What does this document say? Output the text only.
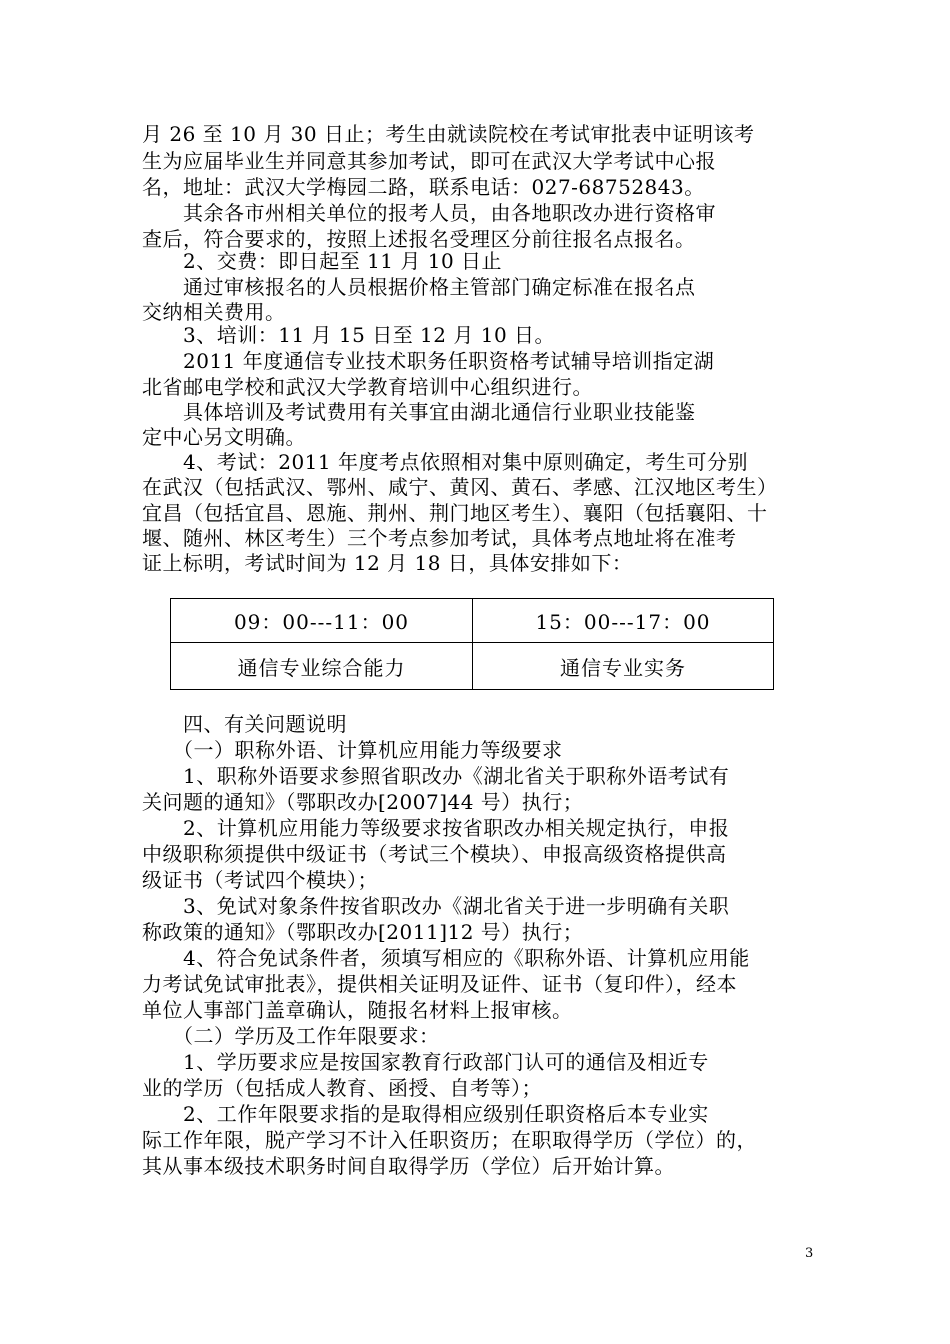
月 26 至 10 月 30 日止；考生由就读院校在考试审批表中证明该考
生为应届毕业生并同意其参加考试，即可在武汉大学考试中心报
名，地址：武汉大学梅园二路，联系电话：027-68752843。
　　其余各市州相关单位的报考人员，由各地职改办进行资格审
查后，符合要求的，按照上述报名受理区分前往报名点报名。
　　2、交费：即日起至 11 月 10 日止
　　通过审核报名的人员根据价格主管部门确定标准在报名点
交纳相关费用。
　　3、培训：11 月 15 日至 12 月 10 日。
　　2011 年度通信专业技术职务任职资格考试辅导培训指定湖
北省邮电学校和武汉大学教育培训中心组织进行。
　　具体培训及考试费用有关事宜由湖北通信行业职业技能鉴
定中心另文明确。
　　4、考试：2011 年度考点依照相对集中原则确定，考生可分别
在武汉（包括武汉、鄂州、咸宁、黄冈、黄石、孝感、江汉地区考生）
宜昌（包括宜昌、恩施、荆州、荆门地区考生）、襄阳（包括襄阳、十
堰、随州、林区考生）三个考点参加考试，具体考点地址将在准考
证上标明，考试时间为 12 月 18 日，具体安排如下：
09：00---11：00	15：00---17：00
通信专业综合能力	通信专业实务
　　四、有关问题说明
　　（一）职称外语、计算机应用能力等级要求
　　1、职称外语要求参照省职改办《湖北省关于职称外语考试有
关问题的通知》（鄂职改办[2007]44 号）执行；
　　2、计算机应用能力等级要求按省职改办相关规定执行，申报
中级职称须提供中级证书（考试三个模块）、申报高级资格提供高
级证书（考试四个模块）；
　　3、免试对象条件按省职改办《湖北省关于进一步明确有关职
称政策的通知》（鄂职改办[2011]12 号）执行；
　　4、符合免试条件者，须填写相应的《职称外语、计算机应用能
力考试免试审批表》，提供相关证明及证件、证书（复印件），经本
单位人事部门盖章确认，随报名材料上报审核。
　　（二）学历及工作年限要求：
　　1、学历要求应是按国家教育行政部门认可的通信及相近专
业的学历（包括成人教育、函授、自考等）；
　　2、工作年限要求指的是取得相应级别任职资格后本专业实
际工作年限，脱产学习不计入任职资历；在职取得学历（学位）的，
其从事本级技术职务时间自取得学历（学位）后开始计算。
3
